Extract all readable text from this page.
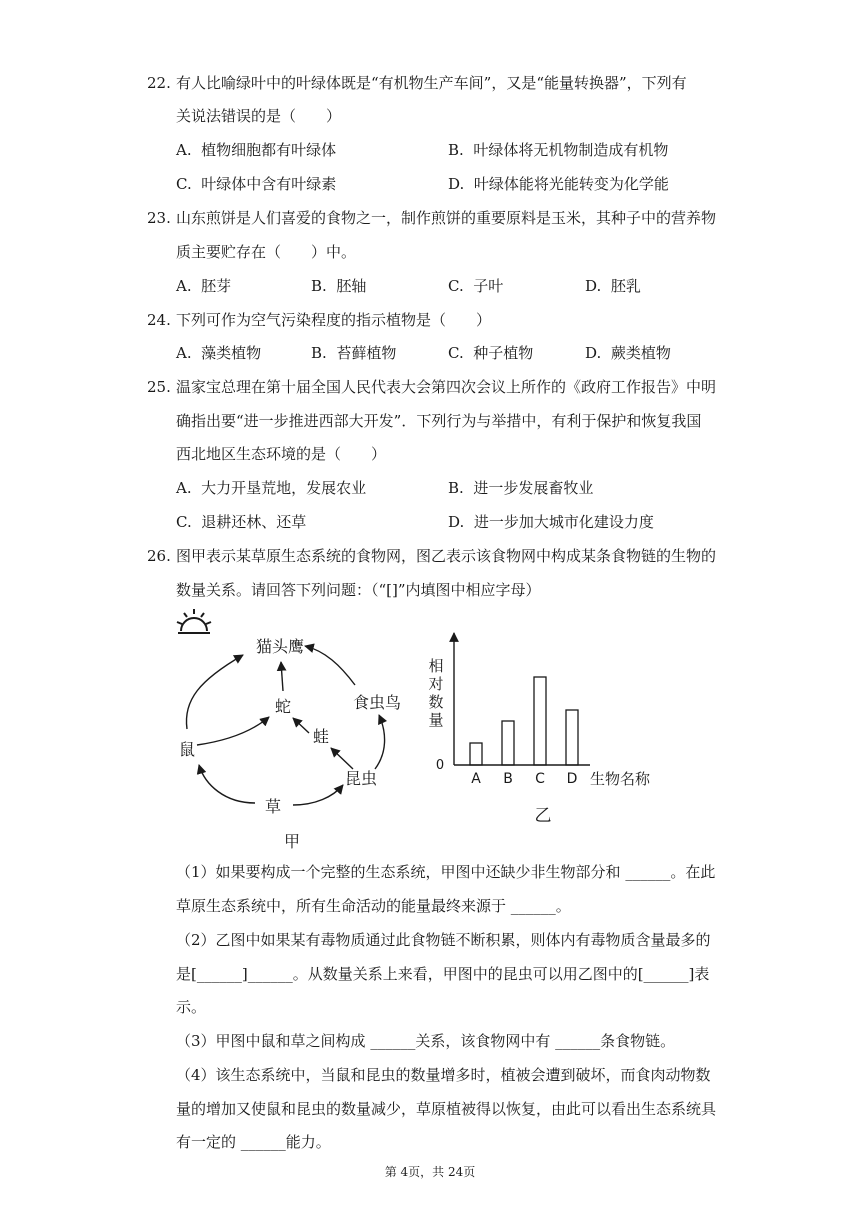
22. 有人比喻绿叶中的叶绿体既是“有机物生产车间”，又是“能量转换器”，下列有
关说法错误的是（　　）
A. 植物细胞都有叶绿体	B. 叶绿体将无机物制造成有机物
C. 叶绿体中含有叶绿素	D. 叶绿体能将光能转变为化学能
23. 山东煎饼是人们喜爱的食物之一，制作煎饼的重要原料是玉米，其种子中的营养物
质主要贮存在（　　）中。
A. 胚芽	B. 胚轴	C. 子叶	D. 胚乳
24. 下列可作为空气污染程度的指示植物是（　　）
A. 藻类植物	B. 苔藓植物	C. 种子植物	D. 蕨类植物
25. 温家宝总理在第十届全国人民代表大会第四次会议上所作的《政府工作报告》中明
确指出要“进一步推进西部大开发”．下列行为与举措中，有利于保护和恢复我国
西北地区生态环境的是（　　）
A. 大力开垦荒地，发展农业	B. 进一步发展畜牧业
C. 退耕还林、还草	D. 进一步加大城市化建设力度
26. 图甲表示某草原生态系统的食物网，图乙表示该食物网中构成某条食物链的生物的
数量关系。请回答下列问题：（“[]”内填图中相应字母）
猫头鹰
蛇	食虫鸟
蛙
鼠
昆虫
草
甲
相
对
数
量
0
A B C D 生物名称
乙
（1）如果要构成一个完整的生态系统，甲图中还缺少非生物部分和 ______。在此
草原生态系统中，所有生命活动的能量最终来源于 ______。
（2）乙图中如果某有毒物质通过此食物链不断积累，则体内有毒物质含量最多的
是[______]______。从数量关系上来看，甲图中的昆虫可以用乙图中的[______]表
示。
（3）甲图中鼠和草之间构成 ______关系，该食物网中有 ______条食物链。
（4）该生态系统中，当鼠和昆虫的数量增多时，植被会遭到破坏，而食肉动物数
量的增加又使鼠和昆虫的数量减少，草原植被得以恢复，由此可以看出生态系统具
有一定的 ______能力。
第 4页，共 24页
